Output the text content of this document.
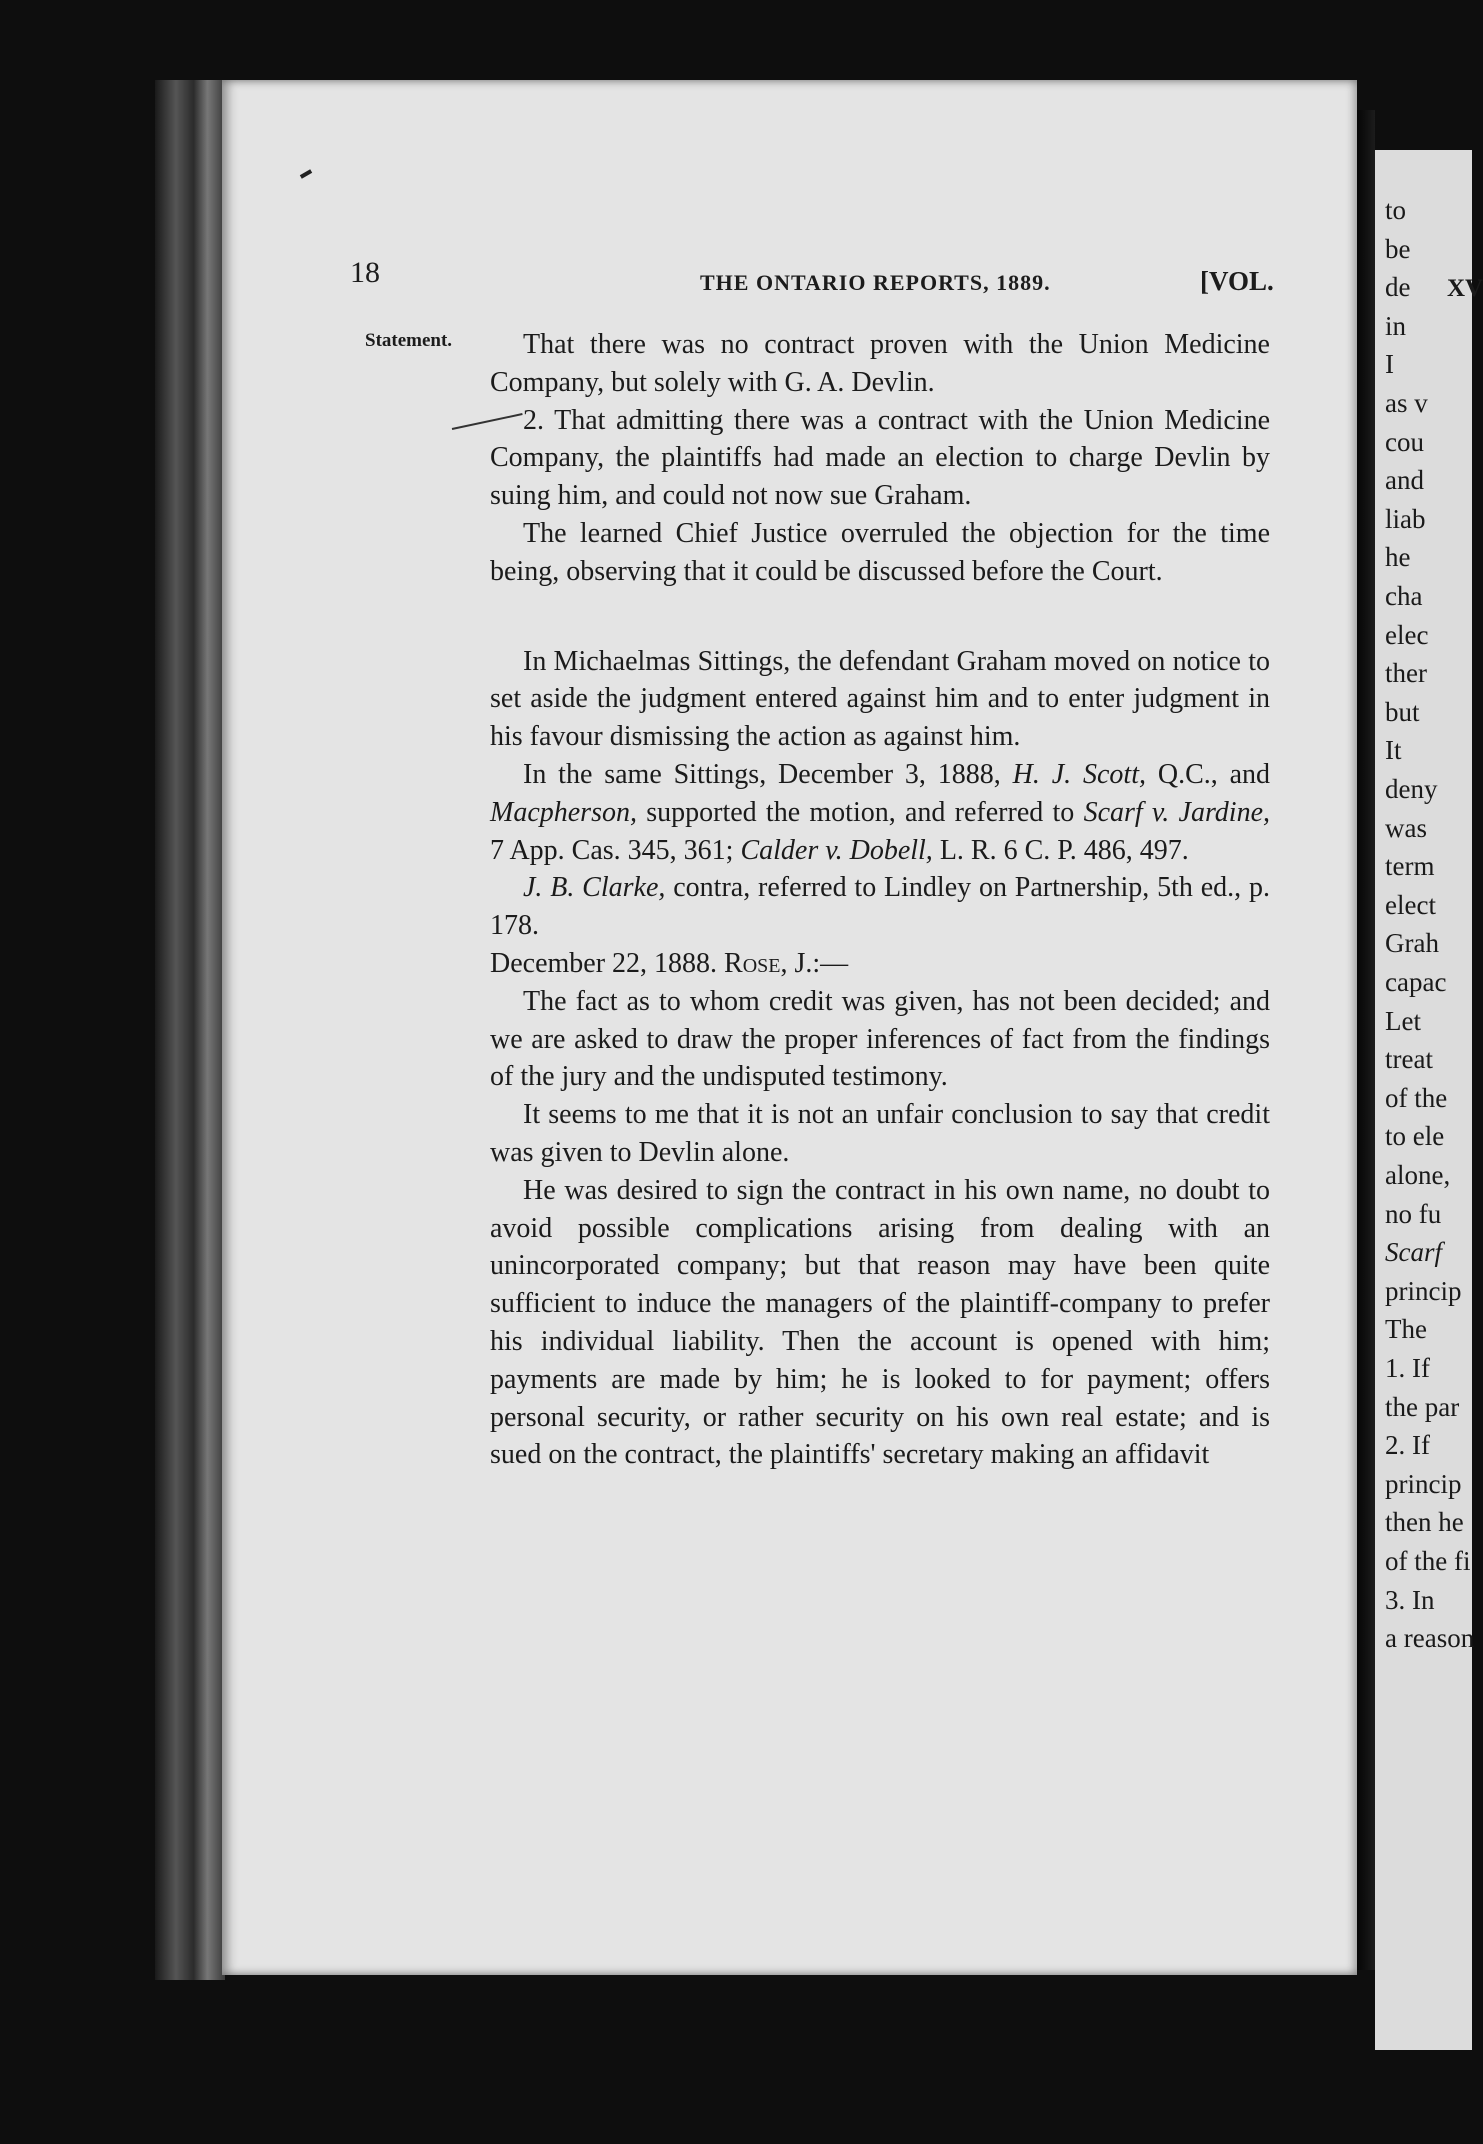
XV
to
be
de
in
I
as v
cou
and
liab
he
cha
elec
ther
but
It
deny
was
term
elect
Grah
capac
Let
treat
of the
to ele
alone,
no fu
Scarf
princip
The
1. If
the par
2. If
princip
then he
of the fi
3. In
a reason
18	THE ONTARIO REPORTS, 1889.	[VOL.
Statement.	That there was no contract proven with the Union Medicine Company, but solely with G. A. Devlin.

2. That admitting there was a contract with the Union Medicine Company, the plaintiffs had made an election to charge Devlin by suing him, and could not now sue Graham.

The learned Chief Justice overruled the objection for the time being, observing that it could be discussed before the Court.

In Michaelmas Sittings, the defendant Graham moved on notice to set aside the judgment entered against him and to enter judgment in his favour dismissing the action as against him.

In the same Sittings, December 3, 1888, H. J. Scott, Q.C., and Macpherson, supported the motion, and referred to Scarf v. Jardine, 7 App. Cas. 345, 361; Calder v. Dobell, L. R. 6 C. P. 486, 497.

J. B. Clarke, contra, referred to Lindley on Partnership, 5th ed., p. 178.

December 22, 1888. Rose, J.:—

The fact as to whom credit was given, has not been decided; and we are asked to draw the proper inferences of fact from the findings of the jury and the undisputed testimony.

It seems to me that it is not an unfair conclusion to say that credit was given to Devlin alone.

He was desired to sign the contract in his own name, no doubt to avoid possible complications arising from dealing with an unincorporated company; but that reason may have been quite sufficient to induce the managers of the plaintiff-company to prefer his individual liability. Then the account is opened with him; payments are made by him; he is looked to for payment; offers personal security, or rather security on his own real estate; and is sued on the contract, the plaintiffs' secretary making an affidavit
